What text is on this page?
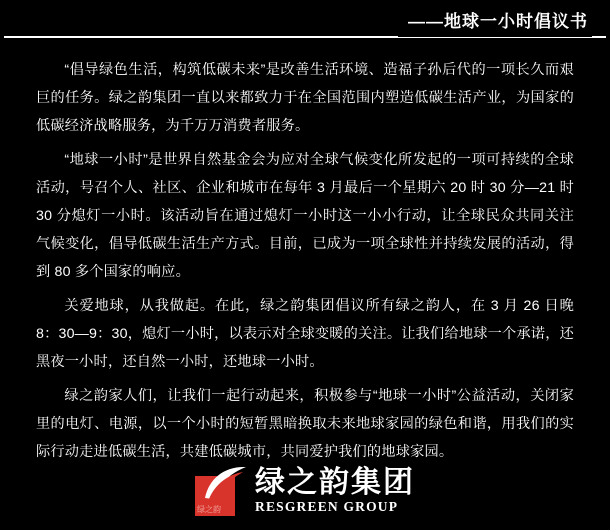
——地球一小时倡议书

“倡导绿色生活，构筑低碳未来”是改善生活环境、造福子孙后代的一项长久而艰巨的任务。绿之韵集团一直以来都致力于在全国范围内塑造低碳生活产业，为国家的低碳经济战略服务，为千万万消费者服务。

“地球一小时”是世界自然基金会为应对全球气候变化所发起的一项可持续的全球活动，号召个人、社区、企业和城市在每年 3 月最后一个星期六 20 时 30 分—21 时 30 分熄灯一小时。该活动旨在通过熄灯一小时这一小小行动，让全球民众共同关注气候变化，倡导低碳生活生产方式。目前，已成为一项全球性并持续发展的活动，得到 80 多个国家的响应。

关爱地球，从我做起。在此，绿之韵集团倡议所有绿之韵人，在 3 月 26 日晚 8：30—9：30，熄灯一小时，以表示对全球变暖的关注。让我们给地球一个承诺，还黑夜一小时，还自然一小时，还地球一小时。

绿之韵家人们，让我们一起行动起来，积极参与“地球一小时”公益活动，关闭家里的电灯、电源，以一个小时的短暂黑暗换取未来地球家园的绿色和谐，用我们的实际行动走进低碳生活，共建低碳城市，共同爱护我们的地球家园。

绿之韵
绿之韵集团
RESGREEN GROUP
